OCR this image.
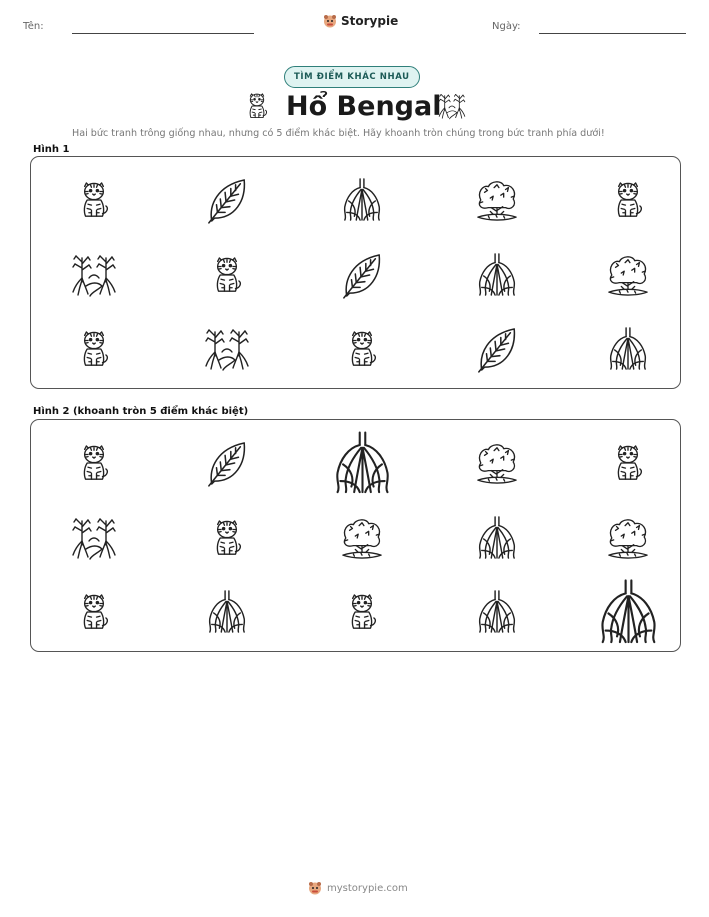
Tên:	Storypie	Ngày:
TÌM ĐIỂM KHÁC NHAU
Hổ Bengal
Hai bức tranh trông giống nhau, nhưng có 5 điểm khác biệt. Hãy khoanh tròn chúng trong bức tranh phía dưới!
Hình 1
Hình 2 (khoanh tròn 5 điểm khác biệt)
mystorypie.com
